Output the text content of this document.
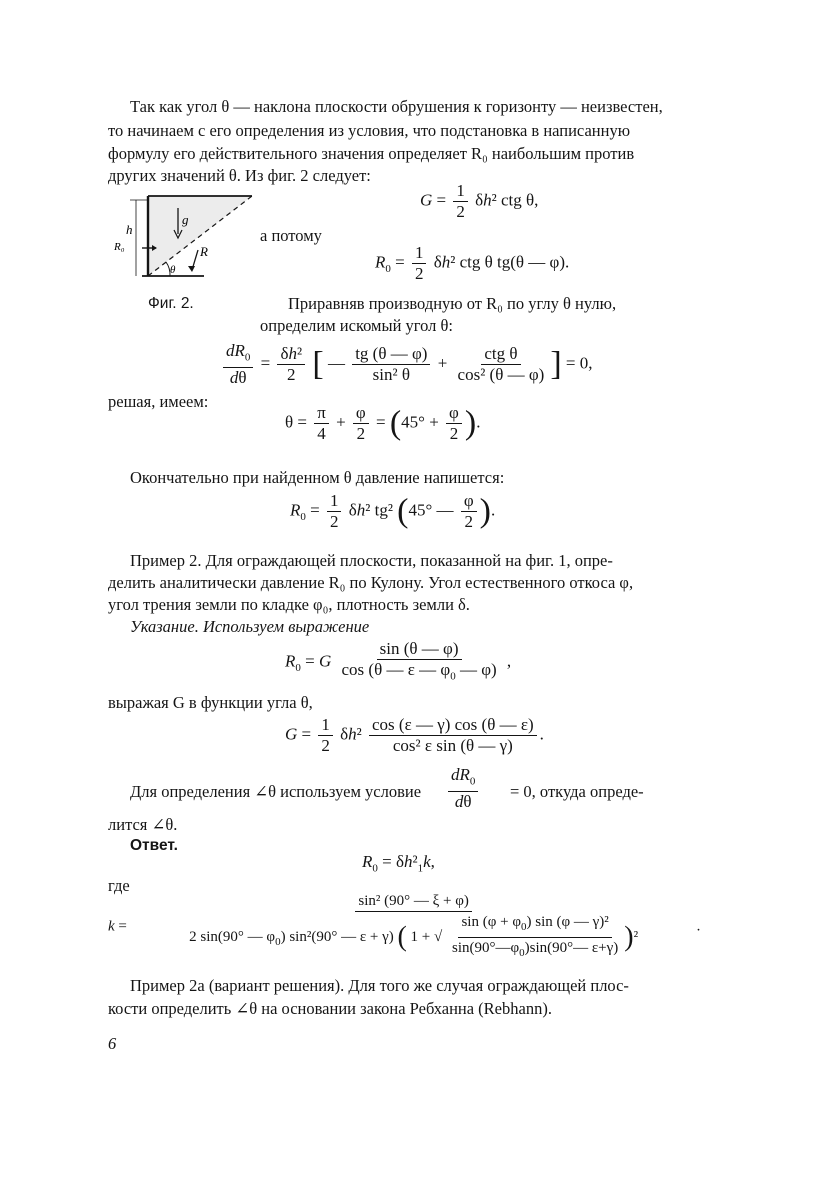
Так как угол θ — наклона плоскости обрушения к горизонту — неизвестен,
то начинаем с его определения из условия, что подстановка в написанную
формулу его действительного значения определяет R₀ наибольшим против
других значений θ. Из фиг. 2 следует:
h
g
R₀	R
θ
$G = \frac{1}{2} \delta h^2$ ctg θ,
а потому
$R_0 = \frac{1}{2} \delta h^2$ ctg θ tg(θ — φ).
Фиг. 2.	Приравняв производную от R₀ по углу θ нулю,
определим искомый угол θ:
$\frac{dR_0}{d\theta} = \frac{\text{δh²}}{2}$ [ — $\frac{tg (\theta — \varphi)}{\text{sin² θ}} + \frac{\text{ctg θ}}{\text{cos² (θ — φ)}}$ ] = 0,
решая, имеем:
$\theta = \frac{\pi}{4} + \frac{\varphi}{2} = (45^\circ + \frac{\varphi}{2}$ ).
Окончательно при найденном θ давление напишется:
$R_0 = \frac{1}{2} \delta h^2$ tg² (45° — $\frac{\varphi}{2}$ ).
Пример 2. Для ограждающей плоскости, показанной на фиг. 1, опре-
делить аналитически давление R₀ по Кулону. Угол естественного откоса φ,
угол трения земли по кладке φ₀, плотность земли δ.
Указание. Используем выражение
$R_0 = G \frac{\sin (\theta — \varphi)}{\cos (\theta — \varepsilon — \varphi_0 — \varphi)}$ ,
выражая G в функции угла θ,
$G = \frac{1}{2} \delta h^2 \frac{\cos (\varepsilon — \gamma) \cos (\theta — \varepsilon)}{\text{cos² ε sin (θ — γ)}}$ .
Для определения ∠θ используем условие $\frac{dR_0}{d\theta} = 0$, откуда опреде-
лится ∠θ.
Ответ.
$R_0 = \delta h^2_1k$,
где
k =
sin² (90° — ξ + φ)
2 sin(90° — $\varphi_0$) sin²(90° — ε + γ) ( 1 + √ $\frac{\sin (\varphi + \varphi_0) \sin (\varphi — \gamma)^2}{\sin(90^\circ—\varphi_0)\sin(90^\circ— \varepsilon+\gamma)} )^2$
.
Пример 2а (вариант решения). Для того же случая ограждающей плос-
кости определить ∠θ на основании закона Ребханна (Rebhann).
6
